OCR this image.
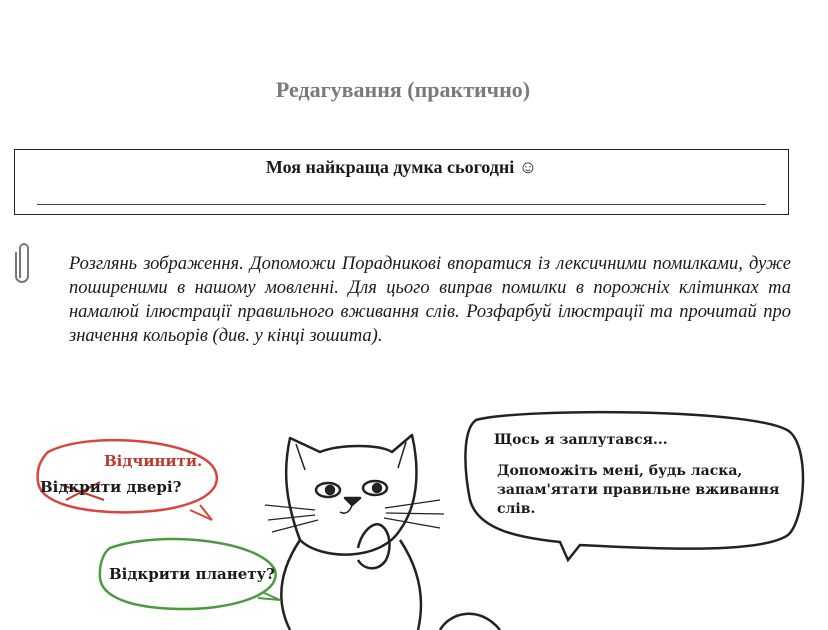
Редагування (практично)
Моя найкраща думка сьогодні ☺
Розглянь зображення. Допоможи Порадникові впоратися із лексичними помилками, дуже поширеними в нашому мовленні. Для цього виправ помилки в порожніх клітинках та намалюй ілюстрації правильного вживання слів. Розфарбуй ілюстрації та прочитай про значення кольорів (див. у кінці зошита).
Відчинити.
Відкрити двері?
Відкрити планету?
Щось я заплутався...
Допоможіть мені, будь ласка, запам'ятати правильне вживання слів.
